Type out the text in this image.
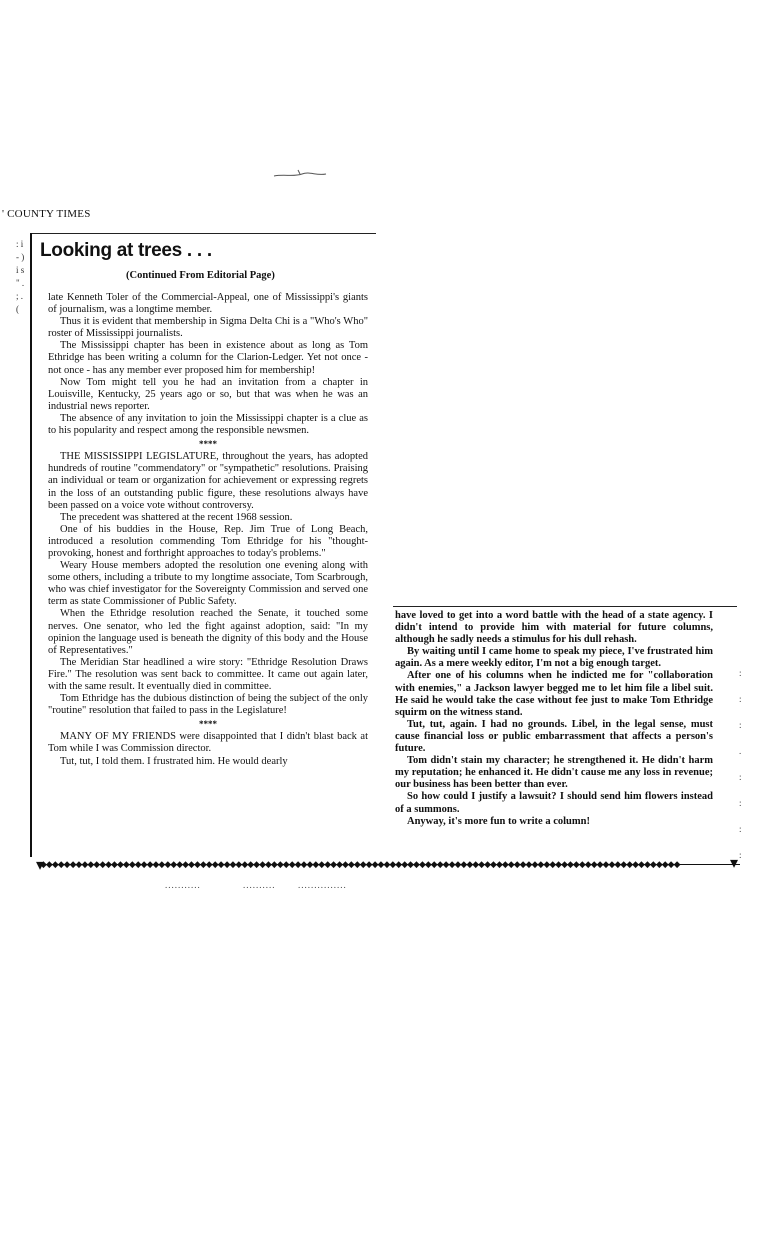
' COUNTY TIMES
: i - ) i s " . ; . (
Looking at trees . . .
(Continued From Editorial Page)

late Kenneth Toler of the Commercial-Appeal, one of Mississippi's giants of journalism, was a longtime member.

Thus it is evident that membership in Sigma Delta Chi is a "Who's Who" roster of Mississippi journalists.

The Mississippi chapter has been in existence about as long as Tom Ethridge has been writing a column for the Clarion-Ledger. Yet not once - not once - has any member ever proposed him for membership!

Now Tom might tell you he had an invitation from a chapter in Louisville, Kentucky, 25 years ago or so, but that was when he was an industrial news reporter.

The absence of any invitation to join the Mississippi chapter is a clue as to his popularity and respect among the responsible newsmen.

****

THE MISSISSIPPI LEGISLATURE, throughout the years, has adopted hundreds of routine "commendatory" or "sympathetic" resolutions. Praising an individual or team or organization for achievement or expressing regrets in the loss of an outstanding public figure, these resolutions always have been passed on a voice vote without controversy.

The precedent was shattered at the recent 1968 session.

One of his buddies in the House, Rep. Jim True of Long Beach, introduced a resolution commending Tom Ethridge for his "thought-provoking, honest and forthright approaches to today's problems."

Weary House members adopted the resolution one evening along with some others, including a tribute to my longtime associate, Tom Scarbrough, who was chief investigator for the Sovereignty Commission and served one term as state Commissioner of Public Safety.

When the Ethridge resolution reached the Senate, it touched some nerves. One senator, who led the fight against adoption, said: "In my opinion the language used is beneath the dignity of this body and the House of Representatives."

The Meridian Star headlined a wire story: "Ethridge Resolution Draws Fire." The resolution was sent back to committee. It came out again later, with the same result. It eventually died in committee.

Tom Ethridge has the dubious distinction of being the subject of the only "routine" resolution that failed to pass in the Legislature!

****

MANY OF MY FRIENDS were disappointed that I didn't blast back at Tom while I was Commission director.

Tut, tut, I told them. I frustrated him. He would dearly

have loved to get into a word battle with the head of a state agency. I didn't intend to provide him with material for future columns, although he sadly needs a stimulus for his dull rehash.

By waiting until I came home to speak my piece, I've frustrated him again. As a mere weekly editor, I'm not a big enough target.

After one of his columns when he indicted me for "collaboration with enemies," a Jackson lawyer begged me to let him file a libel suit. He said he would take the case without fee just to make Tom Ethridge squirm on the witness stand.

Tut, tut, again. I had no grounds. Libel, in the legal sense, must cause financial loss or public embarrassment that affects a person's future.

Tom didn't stain my character; he strengthened it. He didn't harm my reputation; he enhanced it. He didn't cause me any loss in revenue; our business has been better than ever.

So how could I justify a lawsuit? I should send him flowers instead of a summons.

Anyway, it's more fun to write a column!

:
:
:
.
:
:
:
:
◆◆◆◆◆◆◆◆◆◆◆◆◆◆◆◆◆◆◆◆◆◆◆◆◆◆◆◆◆◆◆◆◆◆◆◆◆◆◆◆◆◆◆◆◆◆◆◆◆◆◆◆◆◆◆◆◆◆◆◆◆◆◆◆◆◆◆◆◆◆◆◆◆◆◆◆◆◆◆◆◆◆◆◆◆◆◆◆◆◆◆◆◆◆◆◆◆◆◆◆◆◆◆◆◆◆◆◆
▾	▾
...........	..........	...............
